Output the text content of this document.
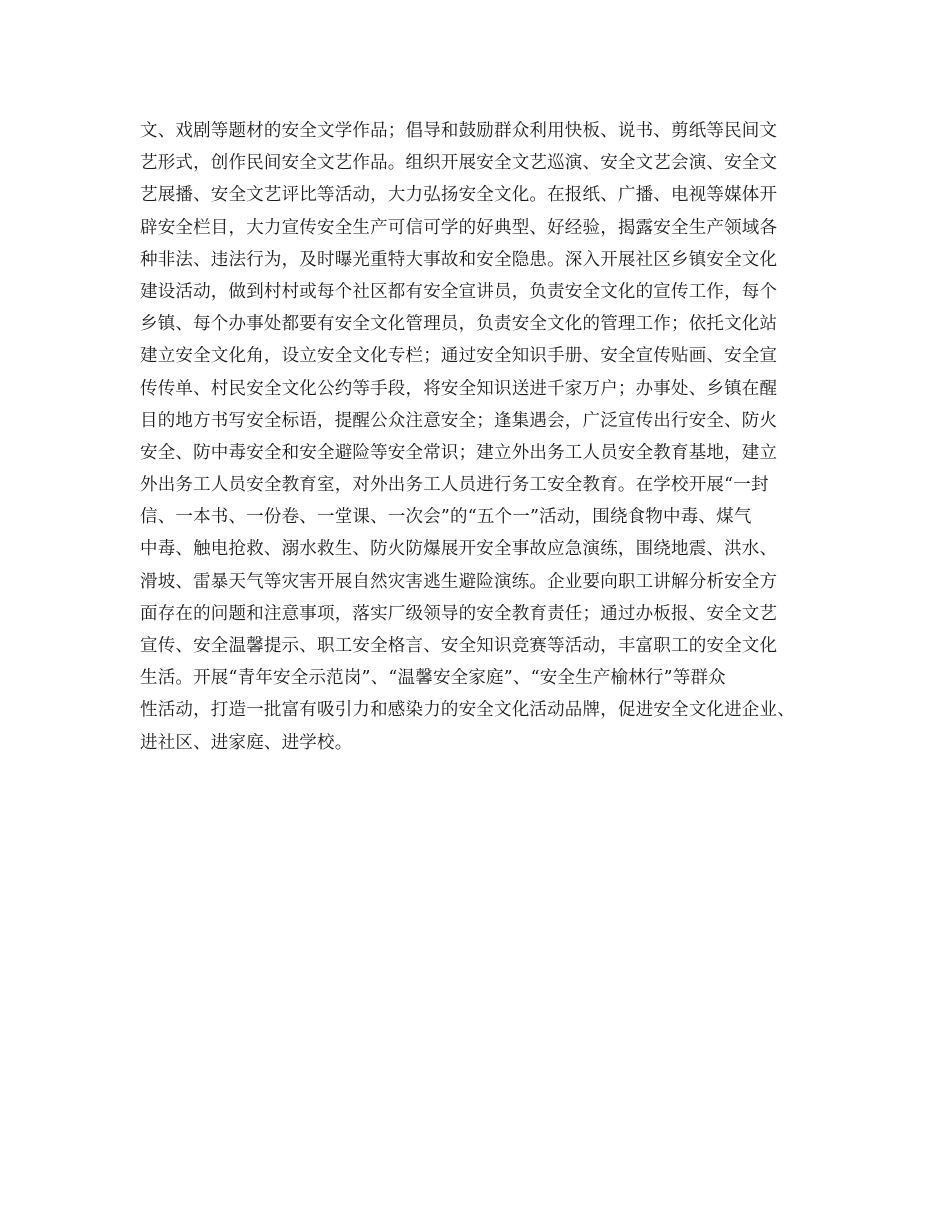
文、戏剧等题材的安全文学作品；倡导和鼓励群众利用快板、说书、剪纸等民间文
艺形式，创作民间安全文艺作品。组织开展安全文艺巡演、安全文艺会演、安全文
艺展播、安全文艺评比等活动，大力弘扬安全文化。在报纸、广播、电视等媒体开
辟安全栏目，大力宣传安全生产可信可学的好典型、好经验，揭露安全生产领域各
种非法、违法行为，及时曝光重特大事故和安全隐患。深入开展社区乡镇安全文化
建设活动，做到村村或每个社区都有安全宣讲员，负责安全文化的宣传工作，每个
乡镇、每个办事处都要有安全文化管理员，负责安全文化的管理工作；依托文化站
建立安全文化角，设立安全文化专栏；通过安全知识手册、安全宣传贴画、安全宣
传传单、村民安全文化公约等手段，将安全知识送进千家万户；办事处、乡镇在醒
目的地方书写安全标语，提醒公众注意安全；逢集遇会，广泛宣传出行安全、防火
安全、防中毒安全和安全避险等安全常识；建立外出务工人员安全教育基地，建立
外出务工人员安全教育室，对外出务工人员进行务工安全教育。在学校开展“一封
信、一本书、一份卷、一堂课、一次会”的“五个一”活动，围绕食物中毒、煤气
中毒、触电抢救、溺水救生、防火防爆展开安全事故应急演练，围绕地震、洪水、
滑坡、雷暴天气等灾害开展自然灾害逃生避险演练。企业要向职工讲解分析安全方
面存在的问题和注意事项，落实厂级领导的安全教育责任；通过办板报、安全文艺
宣传、安全温馨提示、职工安全格言、安全知识竞赛等活动，丰富职工的安全文化
生活。开展“青年安全示范岗”、“温馨安全家庭”、“安全生产榆林行”等群众
性活动，打造一批富有吸引力和感染力的安全文化活动品牌，促进安全文化进企业、
进社区、进家庭、进学校。
